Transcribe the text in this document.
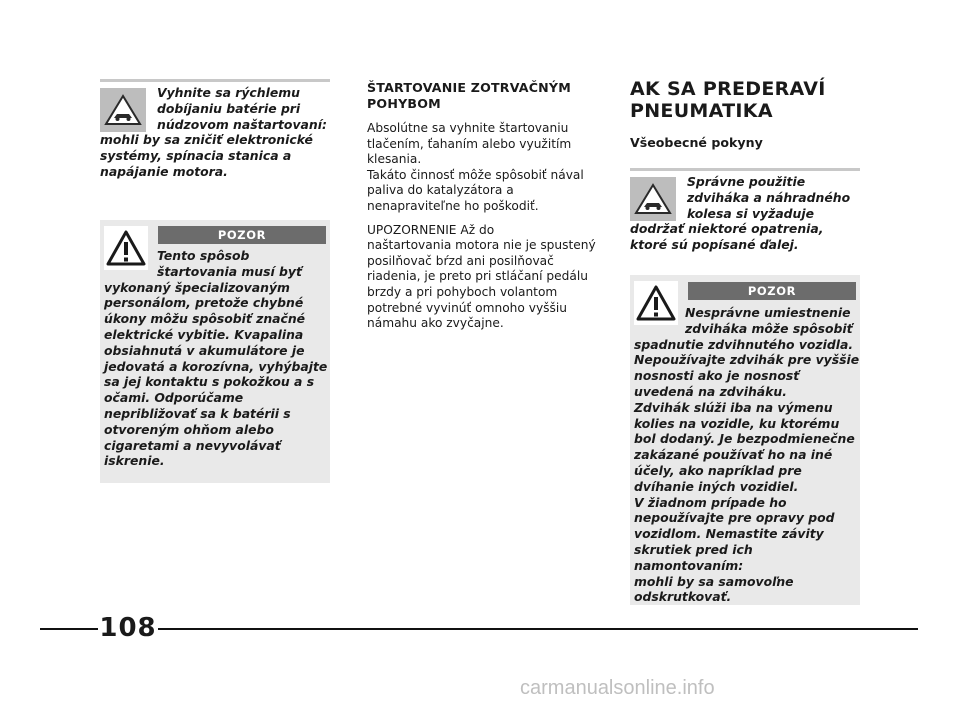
Vyhnite sa rýchlemu
dobíjaniu batérie pri
núdzovom naštartovaní:
mohli by sa zničiť elektronické
systémy, spínacia stanica a
napájanie motora.
POZOR
Tento spôsob
štartovania musí byť
vykonaný špecializovaným
personálom, pretože chybné
úkony môžu spôsobiť značné
elektrické vybitie. Kvapalina
obsiahnutá v akumulátore je
jedovatá a korozívna, vyhýbajte
sa jej kontaktu s pokožkou a s
očami. Odporúčame
nepribližovať sa k batérii s
otvoreným ohňom alebo
cigaretami a nevyvolávať
iskrenie.
ŠTARTOVANIE ZOTRVAČNÝM
POHYBOM

Absolútne sa vyhnite štartovaniu
tlačením, ťahaním alebo využitím
klesania.
Takáto činnosť môže spôsobiť nával
paliva do katalyzátora a
nenapraviteľne ho poškodiť.

UPOZORNENIE Až do
naštartovania motora nie je spustený
posilňovač bŕzd ani posilňovač
riadenia, je preto pri stláčaní pedálu
brzdy a pri pohyboch volantom
potrebné vyvinúť omnoho vyššiu
námahu ako zvyčajne.

AK SA PREDERAVÍ
PNEUMATIKA
Všeobecné pokyny
Správne použitie
zdviháka a náhradného
kolesa si vyžaduje
dodržať niektoré opatrenia,
ktoré sú popísané ďalej.
POZOR
Nesprávne umiestnenie
zdviháka môže spôsobiť
spadnutie zdvihnutého vozidla.
Nepoužívajte zdvihák pre vyššie
nosnosti ako je nosnosť
uvedená na zdviháku.
Zdvihák slúži iba na výmenu
kolies na vozidle, ku ktorému
bol dodaný. Je bezpodmienečne
zakázané používať ho na iné
účely, ako napríklad pre
dvíhanie iných vozidiel.
V žiadnom prípade ho
nepoužívajte pre opravy pod
vozidlom. Nemastite závity
skrutiek pred ich namontovaním:
mohli by sa samovoľne
odskrutkovať.
108
carmanualsonline.info
